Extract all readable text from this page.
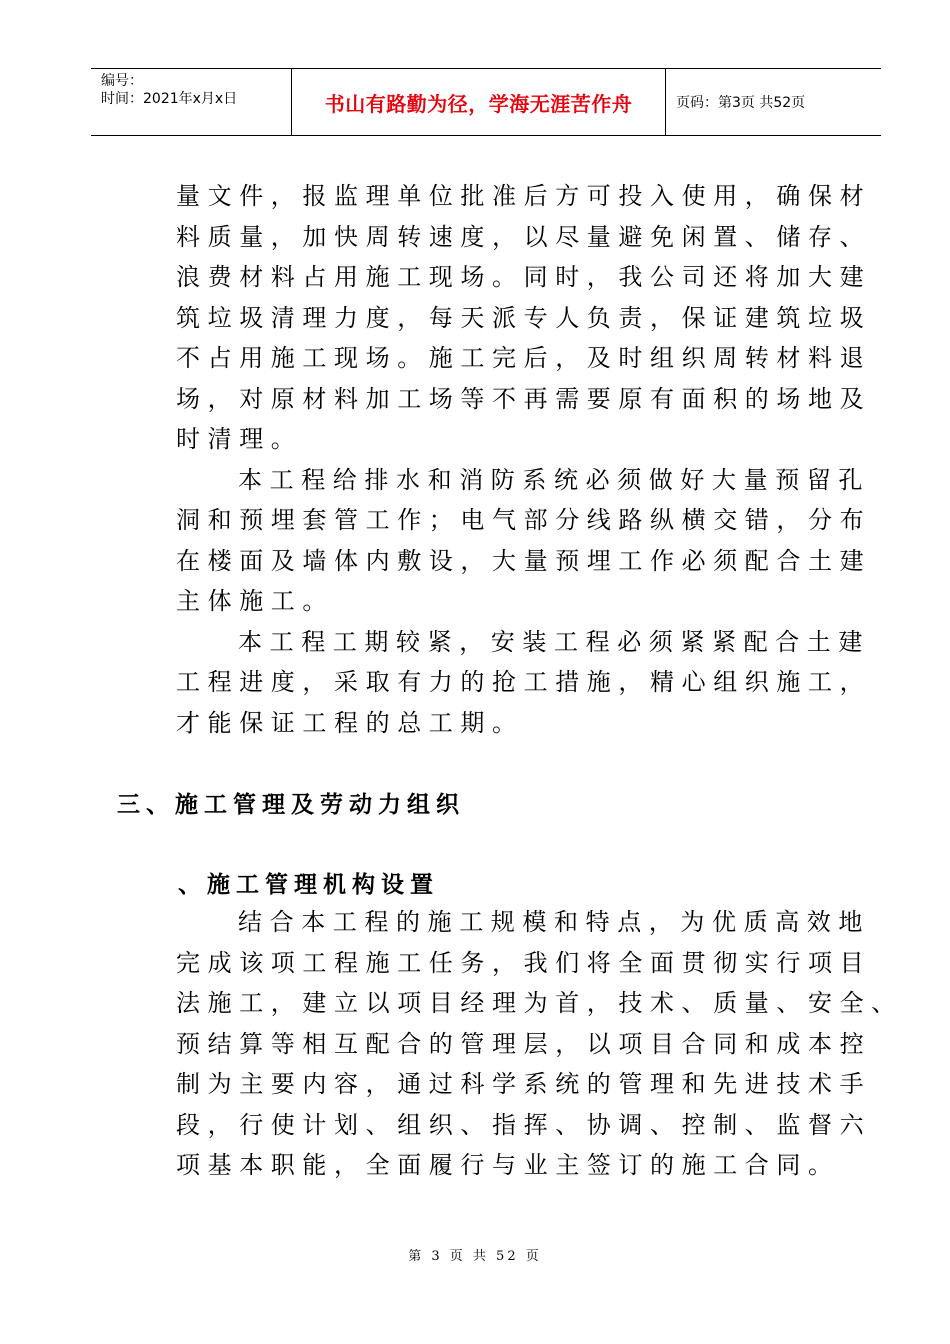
编号：
时间：2021年x月x日	书山有路勤为径，学海无涯苦作舟	页码：第3页 共52页

量文件，报监理单位批准后方可投入使用，确保材
料质量，加快周转速度，以尽量避免闲置、储存、
浪费材料占用施工现场。同时，我公司还将加大建
筑垃圾清理力度，每天派专人负责，保证建筑垃圾
不占用施工现场。施工完后，及时组织周转材料退
场，对原材料加工场等不再需要原有面积的场地及
时清理。

本工程给排水和消防系统必须做好大量预留孔
洞和预埋套管工作；电气部分线路纵横交错，分布
在楼面及墙体内敷设，大量预埋工作必须配合土建
主体施工。

本工程工期较紧，安装工程必须紧紧配合土建
工程进度，采取有力的抢工措施，精心组织施工，
才能保证工程的总工期。

三、施工管理及劳动力组织
、施工管理机构设置

结合本工程的施工规模和特点，为优质高效地
完成该项工程施工任务，我们将全面贯彻实行项目
法施工，建立以项目经理为首，技术、质量、安全、
预结算等相互配合的管理层，以项目合同和成本控
制为主要内容，通过科学系统的管理和先进技术手
段，行使计划、组织、指挥、协调、控制、监督六
项基本职能，全面履行与业主签订的施工合同。

第 3 页 共 52 页
